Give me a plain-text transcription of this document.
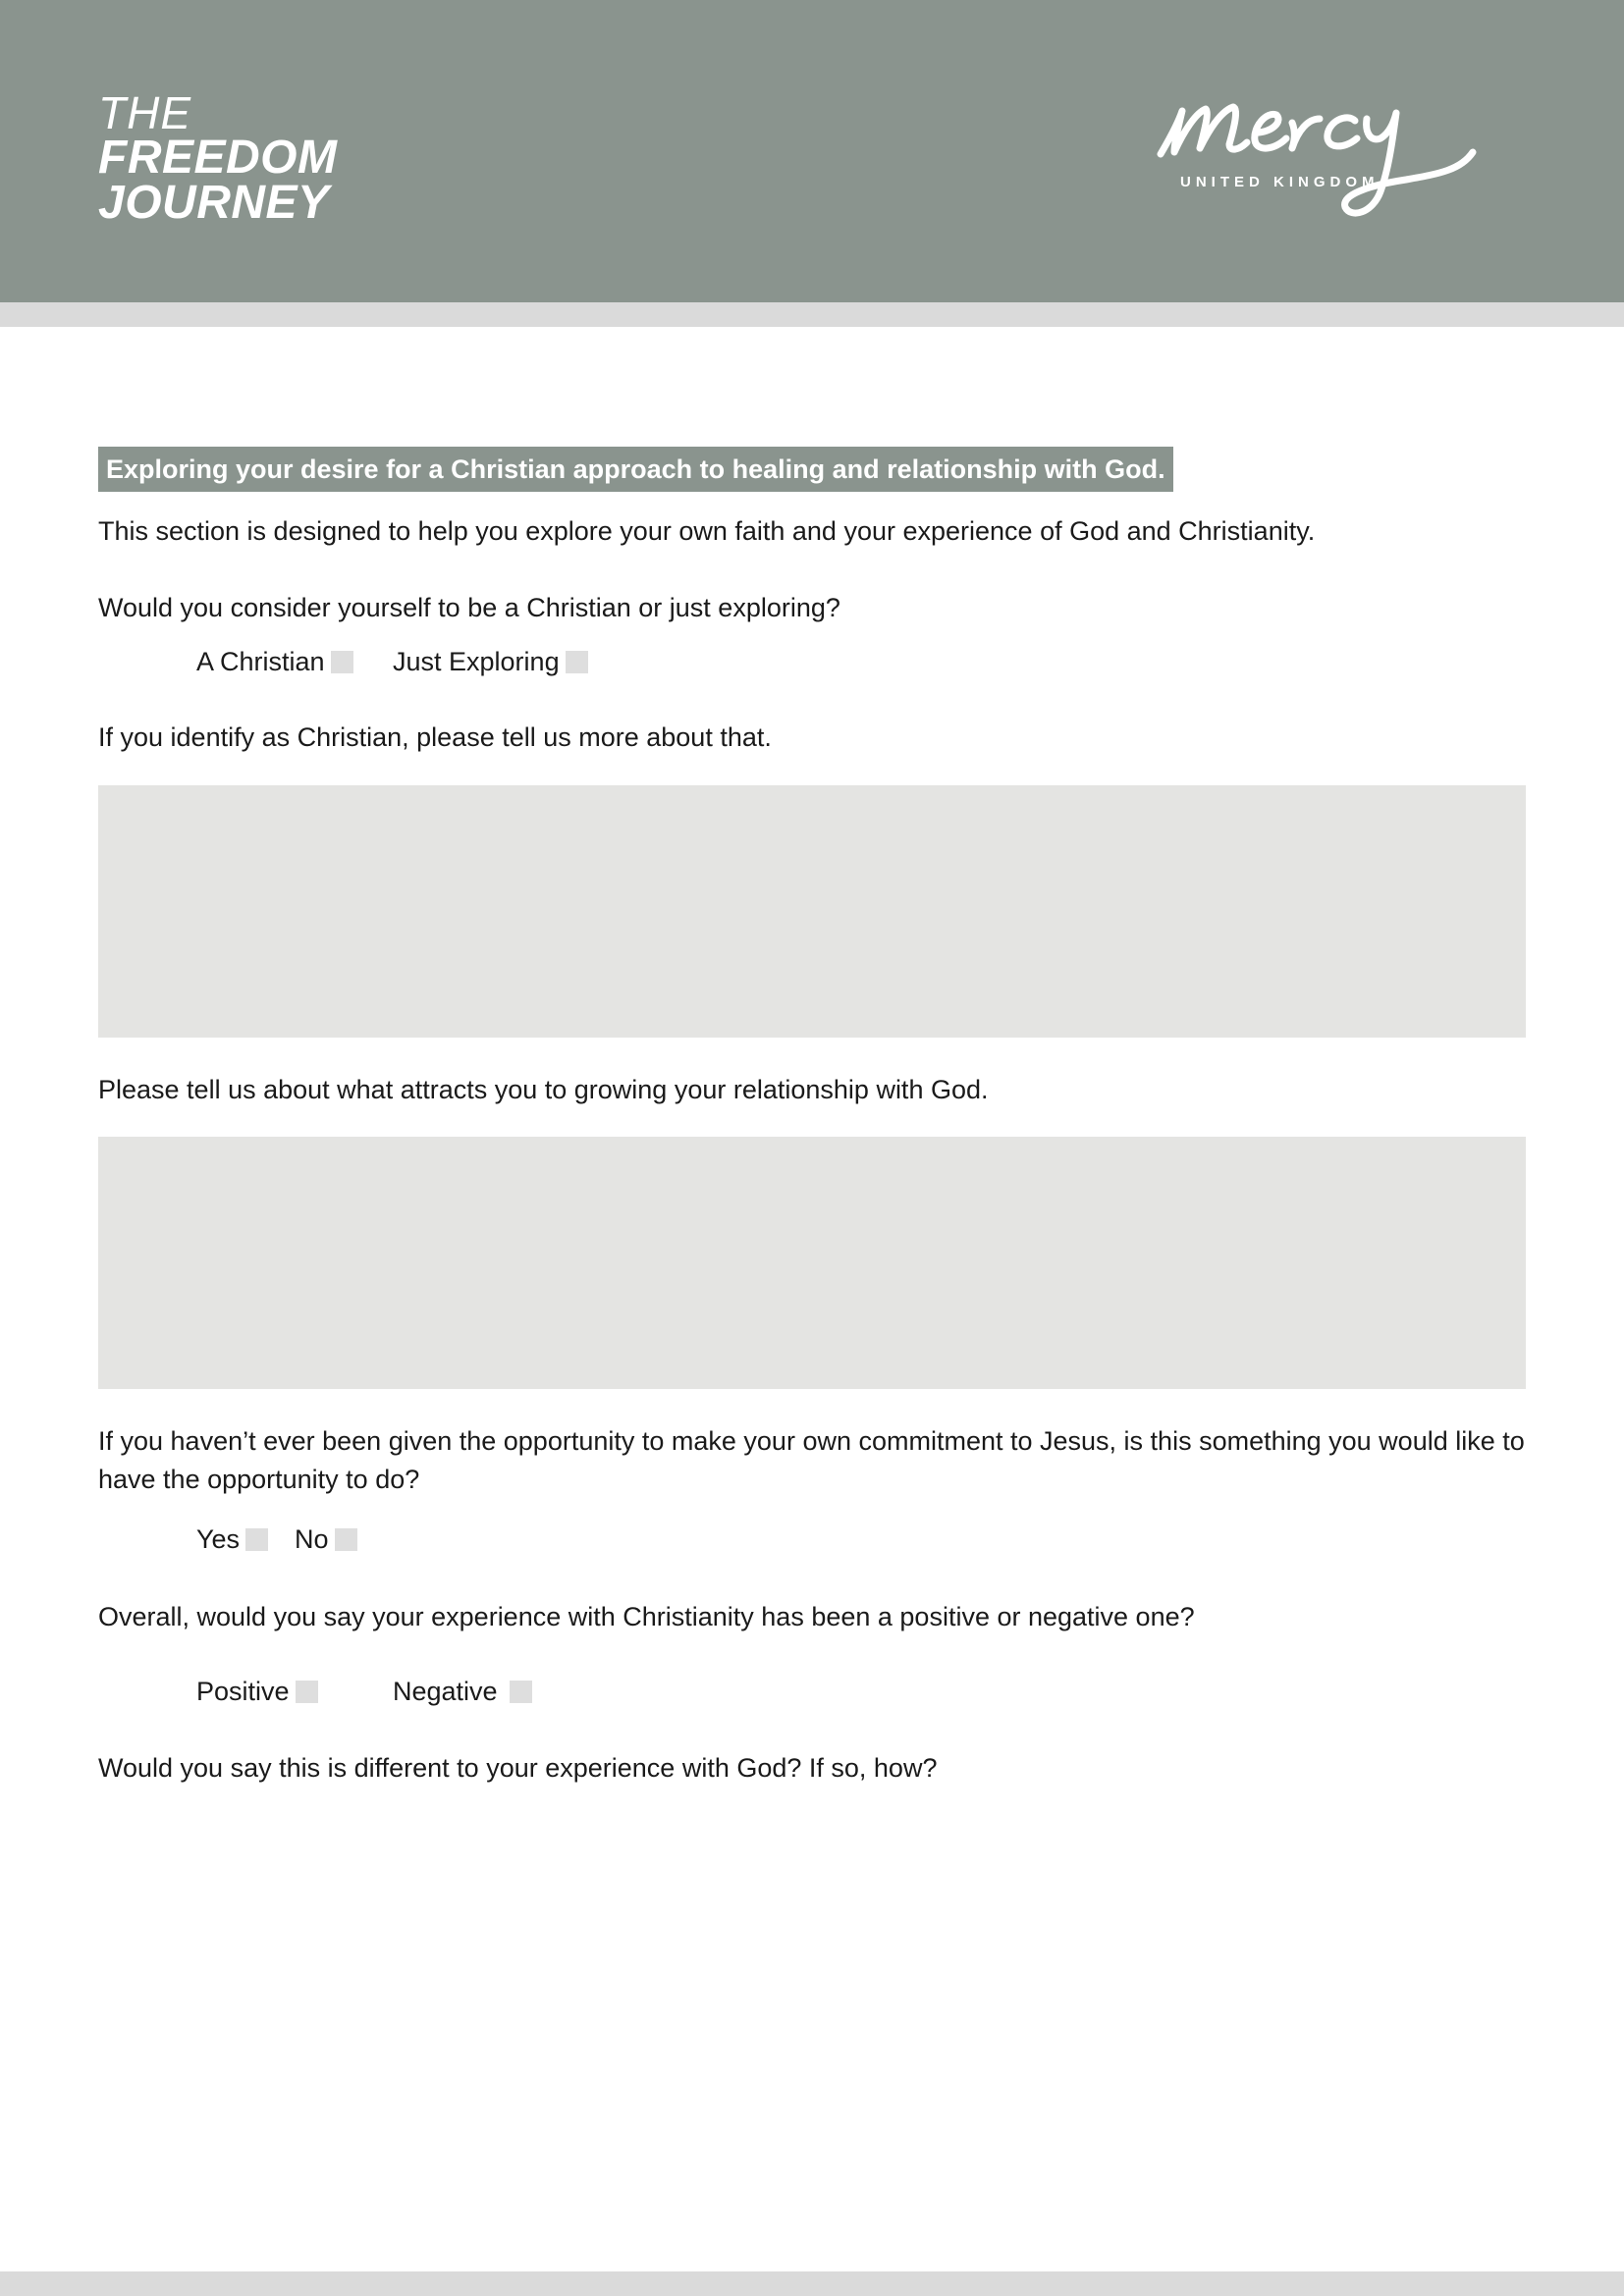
THE
FREEDOM
JOURNEY	UNITED KINGDOM
Exploring your desire for a Christian approach to healing and relationship with God.
This section is designed to help you explore your own faith and your experience of God and Christianity.
Would you consider yourself to be a Christian or just exploring?
A Christian	Just Exploring
If you identify as Christian, please tell us more about that.
Please tell us about what attracts you to growing your relationship with God.
If you haven’t ever been given the opportunity to make your own commitment to Jesus, is this something you would like to have the opportunity to do?
Yes No
Overall, would you say your experience with Christianity has been a positive or negative one?
Positive	Negative
Would you say this is different to your experience with God? If so, how?
